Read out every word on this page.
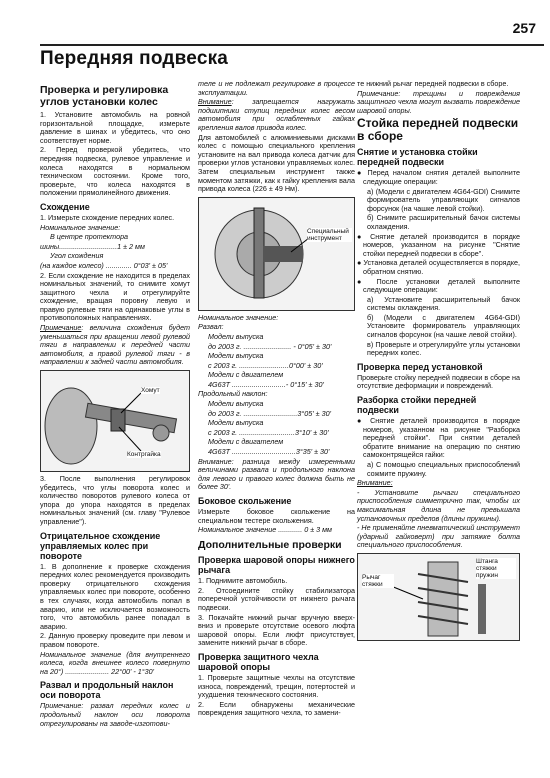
257
Передняя подвеска
Проверка и регулировка углов установки колес

1. Установите автомобиль на ровной горизонтальной площадке, измерьте давление в шинах и убедитесь, что оно соответствует норме.

2. Перед проверкой убедитесь, что передняя подвеска, рулевое управление и колеса находятся в нормальном техническом состоянии. Кроме того, проверьте, что колеса находятся в положении прямолинейного движения.

Схождение

1. Измерьте схождение передних колес.

Номинальное значение:

В центре протектора

шины.............................1 ± 2 мм

Угол схождения

(на каждое колесо) ............. 0°03' ± 05'

2. Если схождение не находится в пределах номинальных значений, то снимите хомут защитного чехла и отрегулируйте схождение, вращая поровну левую и правую рулевые тяги на одинаковые углы в противоположных направлениях.

Примечание: величина схождения будет уменьшаться при вращении левой рулевой тяги в направлении к передней части автомобиля, а правой рулевой тяги - в направлении к задней части автомобиля.

Хомут
Контргайка

3. После выполнения регулировок убедитесь, что углы поворота колес и количество поворотов рулевого колеса от упора до упора находятся в пределах номинальных значений (см. главу "Рулевое управление").

Отрицательное схождение управляемых колес при повороте

1. В дополнение к проверке схождения передних колес рекомендуется производить проверку отрицательного схождения управляемых колес при повороте, особенно в тех случаях, когда автомобиль попал в аварию, или не исключается возможность того, что автомобиль ранее попадал в аварию.

2. Данную проверку проведите при левом и правом повороте.

Номинальное значение (для внутреннего колеса, когда внешнее колесо повернуто на 20°) ...................... 22°00' - 1°30'

Развал и продольный наклон оси поворота

Примечание: развал передних колес и продольный наклон оси поворота отрегулированы на заводе-изготови-

теле и не подлежат регулировке в процессе эксплуатации.

Внимание: запрещается нагружать подшипники ступиц передних колес весом автомобиля при ослабленных гайках крепления валов привода колес.

Для автомобилей с алюминиевыми дисками колес с помощью специального крепления установите на вал привода колеса датчик для проверки углов установки управляемых колес. Затем специальным инструмент также моментом затяжки, как к гайку крепления вала привода колеса (226 ± 49 Нм).

Специальный инструмент

Номинальное значение:

Развал:

Модели выпуска

до 2003 г. ........................ - 0°05' ± 30'

Модели выпуска

с 2003 г. .........................0°00' ± 30'

Модели с двигателем

4G63T ...........................- 0°15' ± 30'

Продольный наклон:

Модели выпуска

до 2003 г. ...........................3°05' ± 30'

Модели выпуска

с 2003 г. ............................3°10' ± 30'

Модели с двигателем

4G63T ................................3°35' ± 30'

Внимание: разница между измеренными величинами развала и продольного наклона для левого и правого колес должна быть не более 30'.

Боковое скольжение

Измерьте боковое скольжение на специальном тестере скольжения.

Номинальное значение ............ 0 ± 3 мм

Дополнительные проверки
Проверка шаровой опоры нижнего рычага

1. Поднимите автомобиль.

2. Отсоедините стойку стабилизатора поперечной устойчивости от нижнего рычага подвески.

3. Покачайте нижний рычаг вручную вверх-вниз и проверьте отсутствие осевого люфта шаровой опоры. Если люфт присутствует, замените нижний рычаг в сборе.

Проверка защитного чехла шаровой опоры

1. Проверьте защитные чехлы на отсутствие износа, повреждений, трещин, потертостей и ухудшения технического состояния.

2. Если обнаружены механические повреждения защитного чехла, то замени-

те нижний рычаг передней подвески в сборе.

Примечание: трещины и повреждения защитного чехла могут вызвать повреждение шаровой опоры.

Стойка передней подвески в сборе
Снятие и установка стойки передней подвески

● Перед началом снятия деталей выполните следующие операции:

а) (Модели с двигателем 4G64-GDI) Снимите формирователь управляющих сигналов форсунок (на чашке левой стойки).

б) Снимите расширительный бачок системы охлаждения.

● Снятие деталей производится в порядке номеров, указанном на рисунке "Снятие стойки передней подвески в сборе".

● Установка деталей осуществляется в порядке, обратном снятию.

● После установки деталей выполните следующие операции:

а) Установите расширительный бачок системы охлаждения.

б) (Модели с двигателем 4G64-GDI) Установите формирователь управляющих сигналов форсунок (на чашке левой стойки).

в) Проверьте и отрегулируйте углы установки передних колес.

Проверка перед установкой

Проверьте стойку передней подвески в сборе на отсутствие деформации и повреждений.

Разборка стойки передней подвески

● Снятие деталей производится в порядке номеров, указанном на рисунке "Разборка передней стойки". При снятии деталей обратите внимание на операцию по снятию самоконтрящейся гайки:

а) С помощью специальных приспособлений сожмите пружину.

Внимание:

- Установите рычаги специального приспособления симметрично так, чтобы их максимальная длина не превышала установочных пределов (длины пружины).

- Не применяйте пневматический инструмент (ударный гайковерт) при затяжке болта специального приспособления.

Рычаг стяжки
Штанга стяжки пружин
